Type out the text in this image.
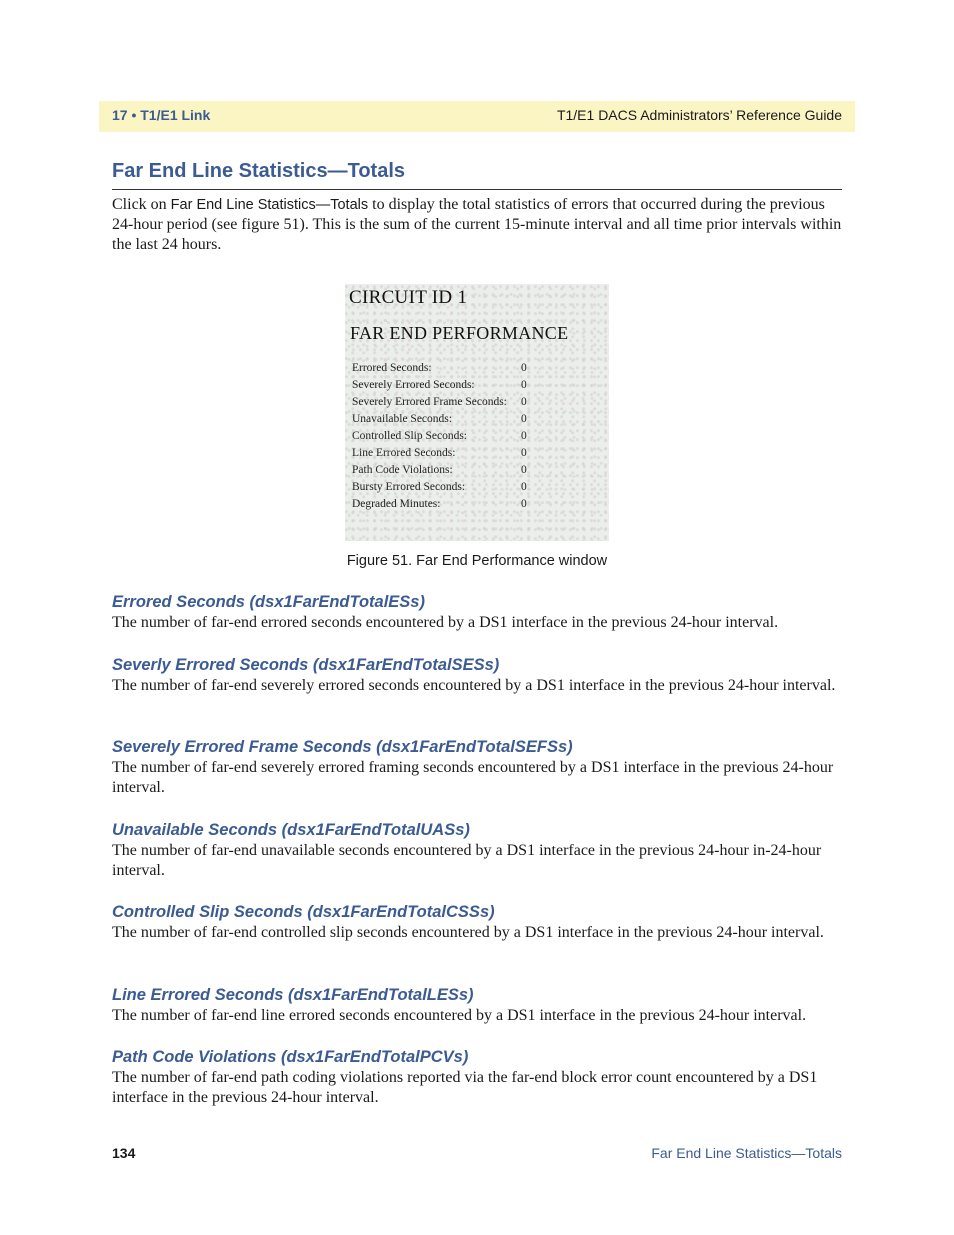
17 • T1/E1 Link	T1/E1 DACS Administrators’ Reference Guide
Far End Line Statistics—Totals

Click on Far End Line Statistics—Totals to display the total statistics of errors that occurred during the previous 24-hour period (see figure 51). This is the sum of the current 15-minute interval and all time prior intervals within the last 24 hours.

CIRCUIT ID 1
FAR END PERFORMANCE
Errored Seconds:	0
Severely Errored Seconds:	0
Severely Errored Frame Seconds: 0
Unavailable Seconds:	0
Controlled Slip Seconds:	0
Line Errored Seconds:	0
Path Code Violations:	0
Bursty Errored Seconds:	0
Degraded Minutes:	0
Figure 51. Far End Performance window
Errored Seconds (dsx1FarEndTotalESs)

The number of far-end errored seconds encountered by a DS1 interface in the previous 24-hour interval.

Severly Errored Seconds (dsx1FarEndTotalSESs)

The number of far-end severely errored seconds encountered by a DS1 interface in the previous 24-hour interval.

Severely Errored Frame Seconds (dsx1FarEndTotalSEFSs)

The number of far-end severely errored framing seconds encountered by a DS1 interface in the previous 24-hour interval.

Unavailable Seconds (dsx1FarEndTotalUASs)

The number of far-end unavailable seconds encountered by a DS1 interface in the previous 24-hour in-24-hour interval.

Controlled Slip Seconds (dsx1FarEndTotalCSSs)

The number of far-end controlled slip seconds encountered by a DS1 interface in the previous 24-hour interval.

Line Errored Seconds (dsx1FarEndTotalLESs)

The number of far-end line errored seconds encountered by a DS1 interface in the previous 24-hour interval.

Path Code Violations (dsx1FarEndTotalPCVs)

The number of far-end path coding violations reported via the far-end block error count encountered by a DS1 interface in the previous 24-hour interval.

134	Far End Line Statistics—Totals
